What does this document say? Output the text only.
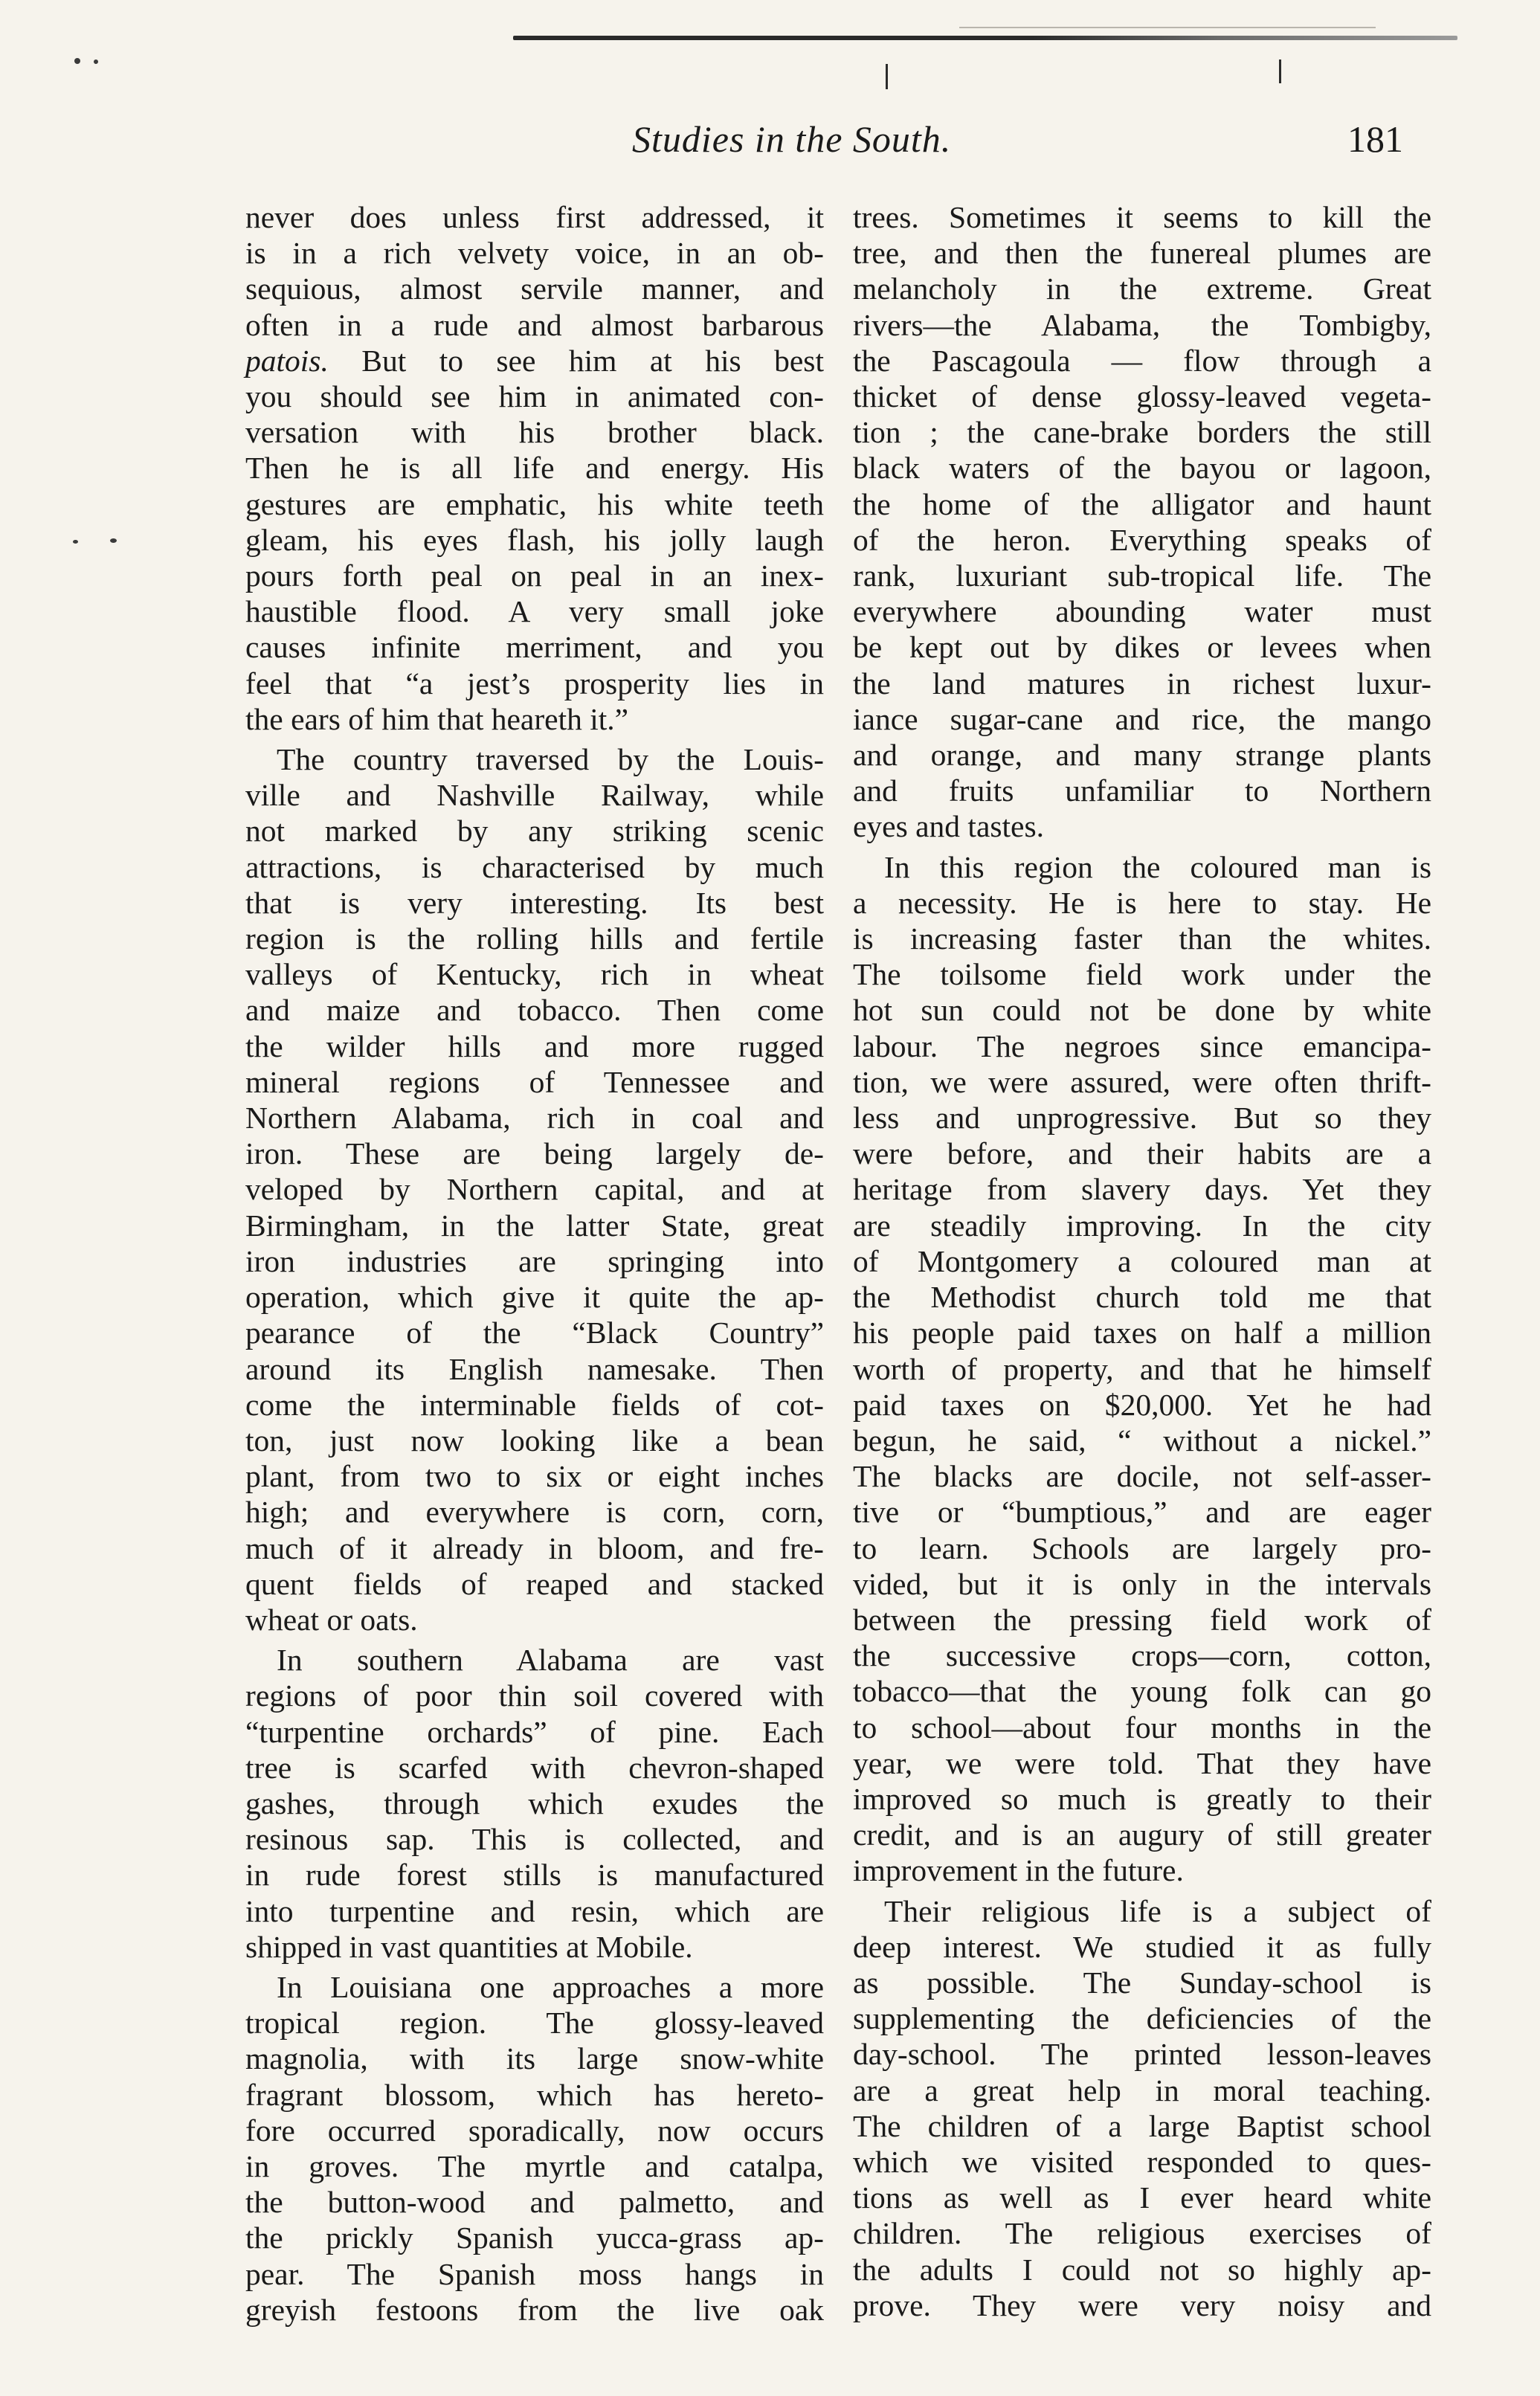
Studies in the South.	181
never does unless first addressed, it
is in a rich velvety voice, in an ob-
sequious, almost servile manner, and
often in a rude and almost barbarous
patois. But to see him at his best
you should see him in animated con-
versation with his brother black.
Then he is all life and energy. His
gestures are emphatic, his white teeth
gleam, his eyes flash, his jolly laugh
pours forth peal on peal in an inex-
haustible flood. A very small joke
causes infinite merriment, and you
feel that “a jest’s prosperity lies in
the ears of him that heareth it.”
The country traversed by the Louis-
ville and Nashville Railway, while
not marked by any striking scenic
attractions, is characterised by much
that is very interesting. Its best
region is the rolling hills and fertile
valleys of Kentucky, rich in wheat
and maize and tobacco. Then come
the wilder hills and more rugged
mineral regions of Tennessee and
Northern Alabama, rich in coal and
iron. These are being largely de-
veloped by Northern capital, and at
Birmingham, in the latter State, great
iron industries are springing into
operation, which give it quite the ap-
pearance of the “Black Country”
around its English namesake. Then
come the interminable fields of cot-
ton, just now looking like a bean
plant, from two to six or eight inches
high; and everywhere is corn, corn,
much of it already in bloom, and fre-
quent fields of reaped and stacked
wheat or oats.
In southern Alabama are vast
regions of poor thin soil covered with
“turpentine orchards” of pine. Each
tree is scarfed with chevron-shaped
gashes, through which exudes the
resinous sap. This is collected, and
in rude forest stills is manufactured
into turpentine and resin, which are
shipped in vast quantities at Mobile.
In Louisiana one approaches a more
tropical region. The glossy-leaved
magnolia, with its large snow-white
fragrant blossom, which has hereto-
fore occurred sporadically, now occurs
in groves. The myrtle and catalpa,
the button-wood and palmetto, and
the prickly Spanish yucca-grass ap-
pear. The Spanish moss hangs in
greyish festoons from the live oak
trees. Sometimes it seems to kill the
tree, and then the funereal plumes are
melancholy in the extreme. Great
rivers—the Alabama, the Tombigby,
the Pascagoula — flow through a
thicket of dense glossy-leaved vegeta-
tion ; the cane-brake borders the still
black waters of the bayou or lagoon,
the home of the alligator and haunt
of the heron. Everything speaks of
rank, luxuriant sub-tropical life. The
everywhere abounding water must
be kept out by dikes or levees when
the land matures in richest luxur-
iance sugar-cane and rice, the mango
and orange, and many strange plants
and fruits unfamiliar to Northern
eyes and tastes.
In this region the coloured man is
a necessity. He is here to stay. He
is increasing faster than the whites.
The toilsome field work under the
hot sun could not be done by white
labour. The negroes since emancipa-
tion, we were assured, were often thrift-
less and unprogressive. But so they
were before, and their habits are a
heritage from slavery days. Yet they
are steadily improving. In the city
of Montgomery a coloured man at
the Methodist church told me that
his people paid taxes on half a million
worth of property, and that he himself
paid taxes on $20,000. Yet he had
begun, he said, “ without a nickel.”
The blacks are docile, not self-asser-
tive or “bumptious,” and are eager
to learn. Schools are largely pro-
vided, but it is only in the intervals
between the pressing field work of
the successive crops—corn, cotton,
tobacco—that the young folk can go
to school—about four months in the
year, we were told. That they have
improved so much is greatly to their
credit, and is an augury of still greater
improvement in the future.
Their religious life is a subject of
deep interest. We studied it as fully
as possible. The Sunday-school is
supplementing the deficiencies of the
day-school. The printed lesson-leaves
are a great help in moral teaching.
The children of a large Baptist school
which we visited responded to ques-
tions as well as I ever heard white
children. The religious exercises of
the adults I could not so highly ap-
prove. They were very noisy and
